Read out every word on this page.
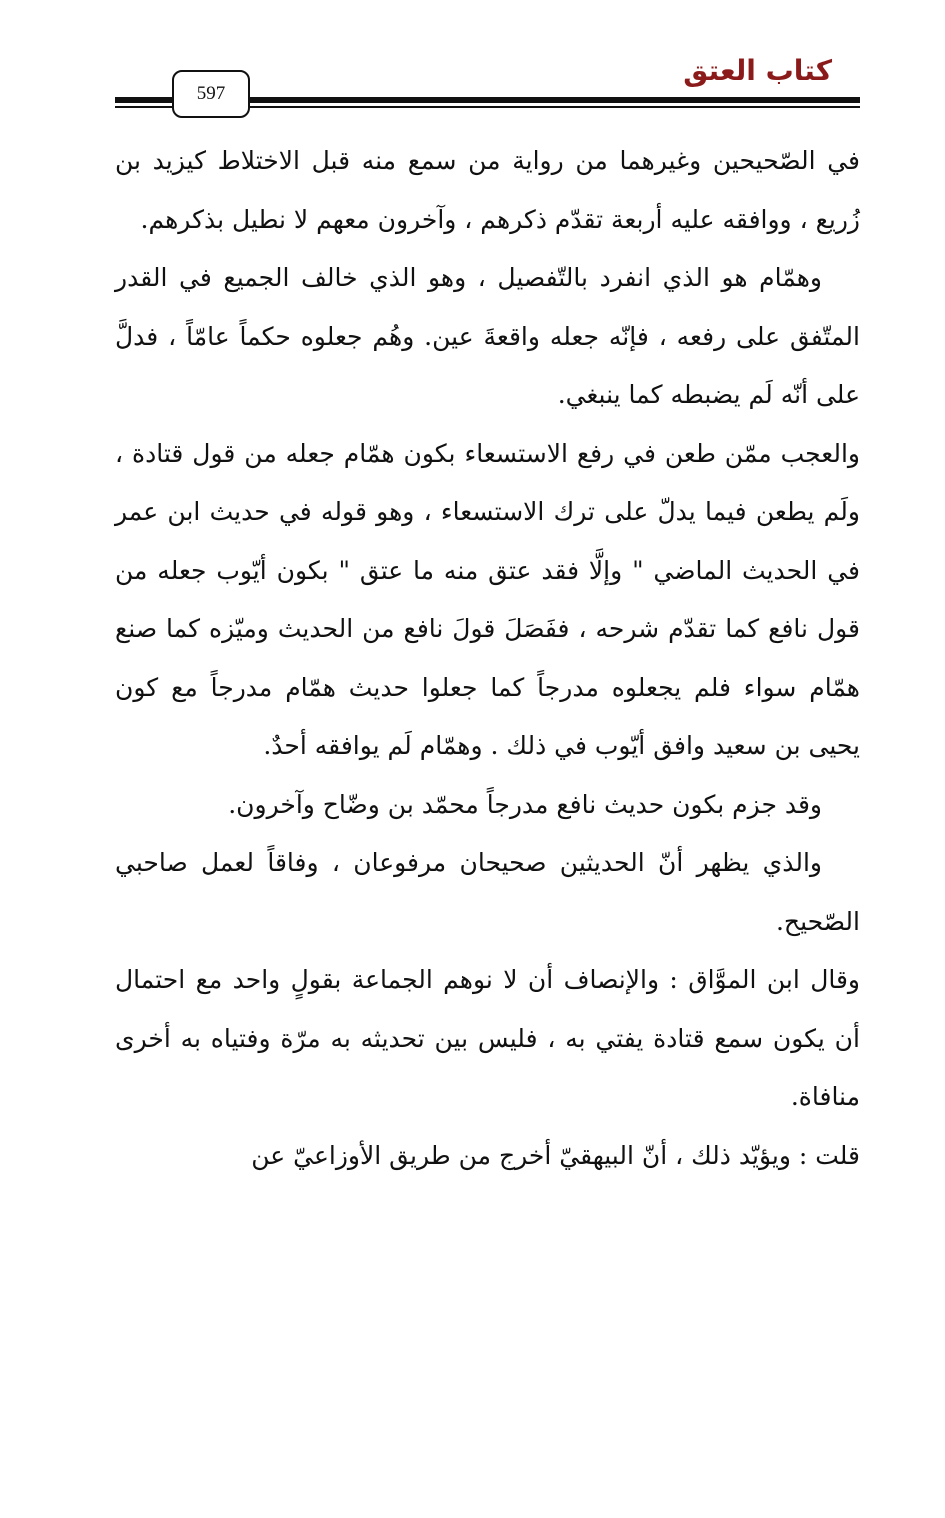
كتاب العتق
597

في الصّحيحين وغيرهما من رواية من سمع منه قبل الاختلاط كيزيد بن زُريع ، ووافقه عليه أربعة تقدّم ذكرهم ، وآخرون معهم لا نطيل بذكرهم.

وهمّام هو الذي انفرد بالتّفصيل ، وهو الذي خالف الجميع في القدر المتّفق على رفعه ، فإنّه جعله واقعةَ عين. وهُم جعلوه حكماً عامّاً ، فدلَّ على أنّه لَم يضبطه كما ينبغي.

والعجب ممّن طعن في رفع الاستسعاء بكون همّام جعله من قول قتادة ، ولَم يطعن فيما يدلّ على ترك الاستسعاء ، وهو قوله في حديث ابن عمر في الحديث الماضي " وإلَّا فقد عتق منه ما عتق " بكون أيّوب جعله من قول نافع كما تقدّم شرحه ، ففَصَلَ قولَ نافع من الحديث وميّزه كما صنع همّام سواء فلم يجعلوه مدرجاً كما جعلوا حديث همّام مدرجاً مع كون يحيى بن سعيد وافق أيّوب في ذلك . وهمّام لَم يوافقه أحدٌ.

وقد جزم بكون حديث نافع مدرجاً محمّد بن وضّاح وآخرون.

والذي يظهر أنّ الحديثين صحيحان مرفوعان ، وفاقاً لعمل صاحبي الصّحيح.

وقال ابن الموَّاق : والإنصاف أن لا نوهم الجماعة بقولٍ واحد مع احتمال أن يكون سمع قتادة يفتي به ، فليس بين تحديثه به مرّة وفتياه به أخرى منافاة.

قلت : ويؤيّد ذلك ، أنّ البيهقيّ أخرج من طريق الأوزاعيّ عن
